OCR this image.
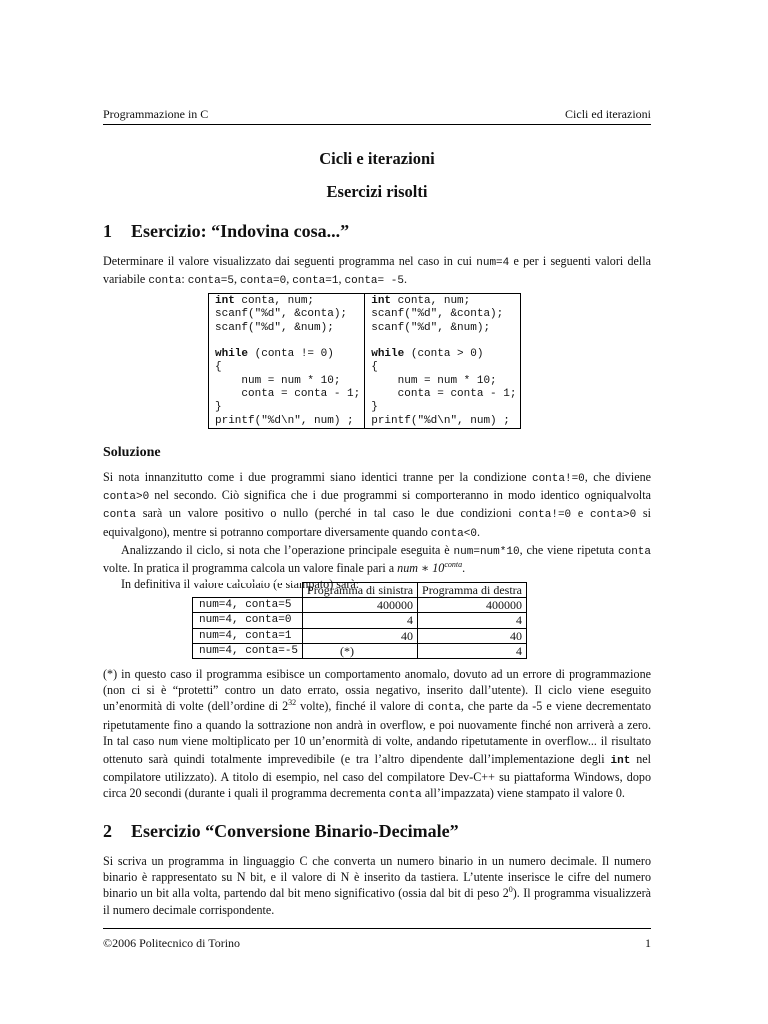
Programmazione in C	Cicli ed iterazioni
Cicli e iterazioni
Esercizi risolti
1 Esercizio: “Indovina cosa...”
Determinare il valore visualizzato dai seguenti programma nel caso in cui num=4 e per i seguenti valori della variabile conta: conta=5, conta=0, conta=1, conta= -5.
int conta, num;
scanf("%d", &conta);
scanf("%d", &num);

while (conta != 0)
{
num = num * 10;
conta = conta - 1;
}
printf("%d\n", num) ;
int conta, num;
scanf("%d", &conta);
scanf("%d", &num);

while (conta > 0)
{
num = num * 10;
conta = conta - 1;
}
printf("%d\n", num) ;
Soluzione

Si nota innanzitutto come i due programmi siano identici tranne per la condizione conta!=0, che diviene conta>0 nel secondo. Ciò significa che i due programmi si comporteranno in modo identico ogniqualvolta conta sarà un valore positivo o nullo (perché in tal caso le due condizioni conta!=0 e conta>0 si equivalgono), mentre si potranno comportare diversamente quando conta<0.

Analizzando il ciclo, si nota che l’operazione principale eseguita è num=num*10, che viene ripetuta conta volte. In pratica il programma calcola un valore finale pari a num ∗ $10^{conta}$.

In definitiva il valore calcolato (e stampato) sarà:

	Programma di sinistra	Programma di destra
num=4, conta=5	400000	400000
num=4, conta=0	4	4
num=4, conta=1	40	40
num=4, conta=-5	(*)	4
(*) in questo caso il programma esibisce un comportamento anomalo, dovuto ad un errore di programmazione (non ci si è “protetti” contro un dato errato, ossia negativo, inserito dall’utente). Il ciclo viene eseguito un’enormità di volte (dell’ordine di $2^{32}$ volte), finché il valore di conta, che parte da -5 e viene decrementato ripetutamente fino a quando la sottrazione non andrà in overflow, e poi nuovamente finché non arriverà a zero. In tal caso num viene moltiplicato per 10 un’enormità di volte, andando ripetutamente in overflow... il risultato ottenuto sarà quindi totalmente imprevedibile (e tra l’altro dipendente dall’implementazione degli int nel compilatore utilizzato). A titolo di esempio, nel caso del compilatore Dev-C++ su piattaforma Windows, dopo circa 20 secondi (durante i quali il programma decrementa conta all’impazzata) viene stampato il valore 0.
2 Esercizio “Conversione Binario-Decimale”
Si scriva un programma in linguaggio C che converta un numero binario in un numero decimale. Il numero binario è rappresentato su N bit, e il valore di N è inserito da tastiera. L’utente inserisce le cifre del numero binario un bit alla volta, partendo dal bit meno significativo (ossia dal bit di peso $2^0$). Il programma visualizzerà il numero decimale corrispondente.
©2006 Politecnico di Torino	1
